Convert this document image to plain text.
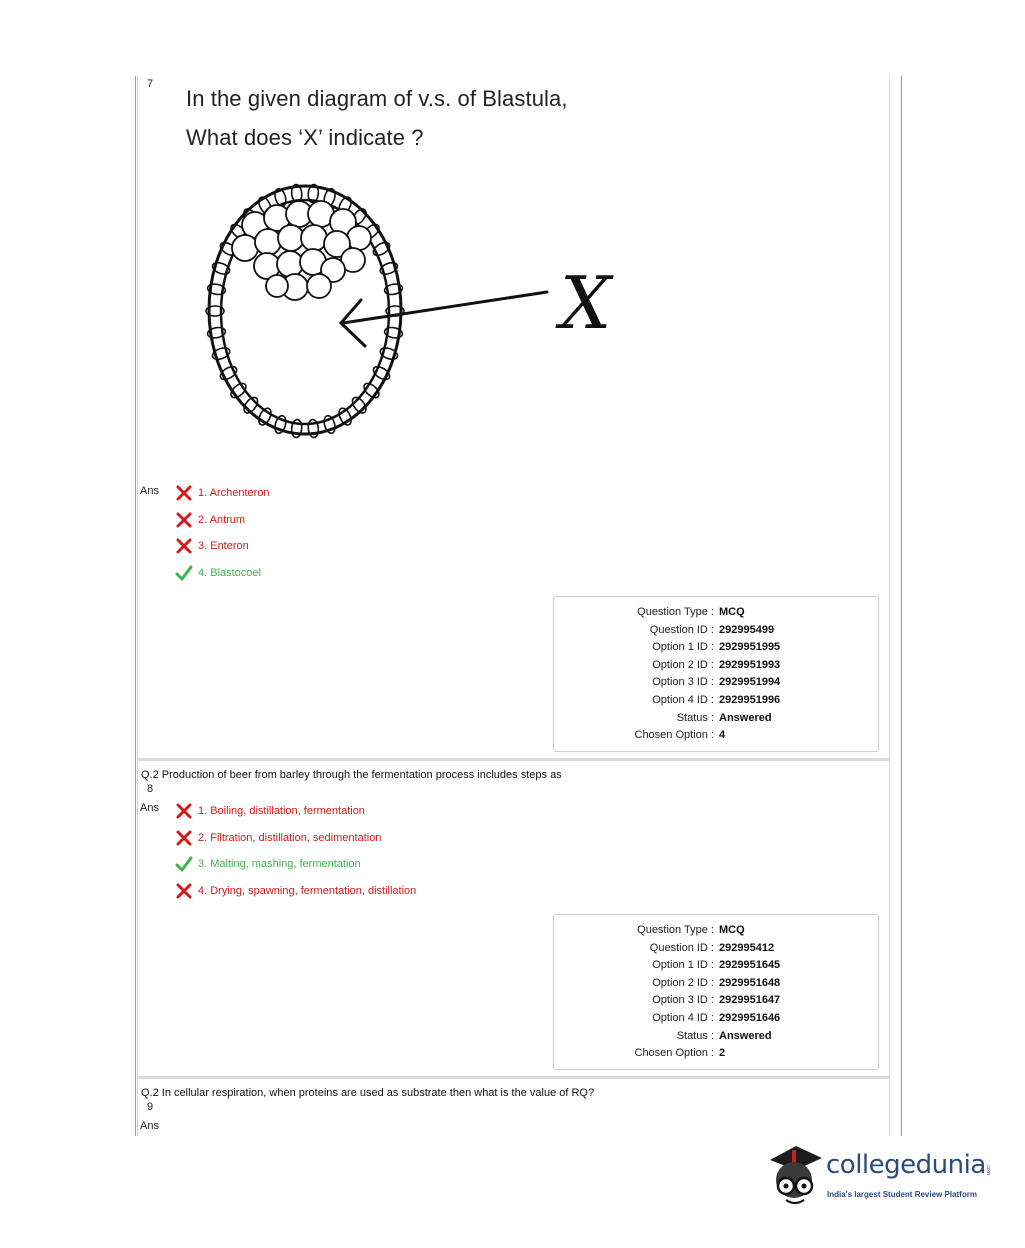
7
In the given diagram of v.s. of Blastula,
What does ‘X’ indicate ?
X
Ans	1. Archenteron
2. Antrum
3. Enteron
4. Blastocoel
Question Type : MCQ
Question ID : 292995499
Option 1 ID : 2929951995
Option 2 ID : 2929951993
Option 3 ID : 2929951994
Option 4 ID : 2929951996
Status : Answered
Chosen Option : 4
Q.2 Production of beer from barley through the fermentation process includes steps as
8
Ans	1. Boiling, distillation, fermentation
2. Filtration, distillation, sedimentation
3. Malting, mashing, fermentation
4. Drying, spawning, fermentation, distillation
Question Type : MCQ
Question ID : 292995412
Option 1 ID : 2929951645
Option 2 ID : 2929951648
Option 3 ID : 2929951647
Option 4 ID : 2929951646
Status : Answered
Chosen Option : 2
Q.2 In cellular respiration, when proteins are used as substrate then what is the value of RQ?
9
Ans
collegedunia .com
India's largest Student Review Platform
